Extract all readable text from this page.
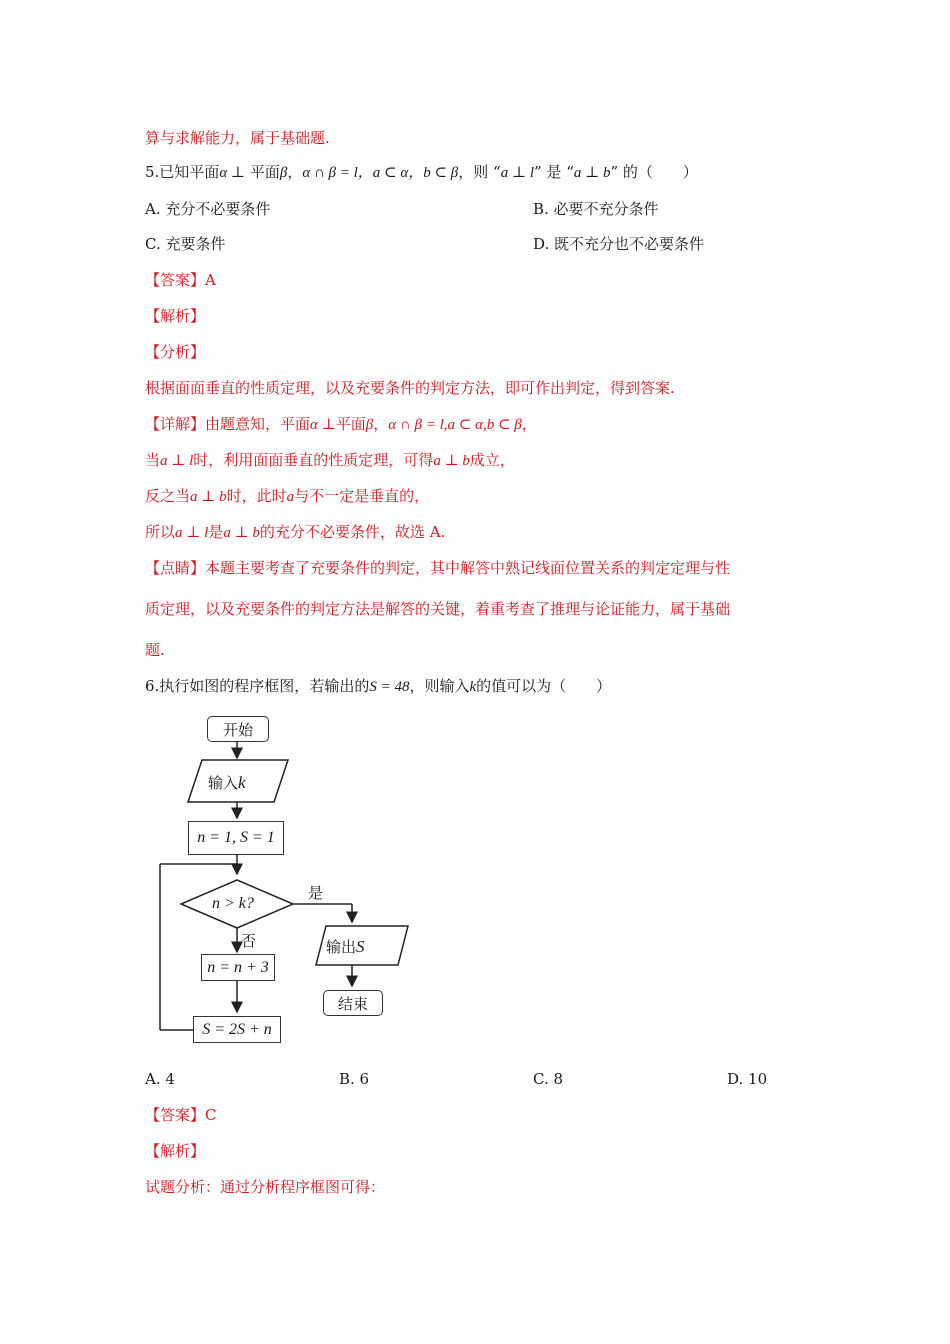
算与求解能力，属于基础题.
5.已知平面α ⊥ 平面β，α ∩ β = l，a ⊂ α，b ⊂ β，则 “a ⊥ l” 是 “a ⊥ b” 的（　　）
A. 充分不必要条件	B. 必要不充分条件
C. 充要条件	D. 既不充分也不必要条件
【答案】A
【解析】
【分析】
根据面面垂直的性质定理，以及充要条件的判定方法，即可作出判定，得到答案.
【详解】由题意知，平面α ⊥平面β，α ∩ β = l,a ⊂ α,b ⊂ β，
当a ⊥ l时，利用面面垂直的性质定理，可得a ⊥ b成立，
反之当a ⊥ b时，此时a与不一定是垂直的，
所以a ⊥ l是a ⊥ b的充分不必要条件，故选 A.
【点睛】本题主要考查了充要条件的判定，其中解答中熟记线面位置关系的判定定理与性
质定理，以及充要条件的判定方法是解答的关键，着重考查了推理与论证能力，属于基础
题.
6.执行如图的程序框图，若输出的S = 48，则输入k的值可以为（　　）
开始
输入k
n = 1, S = 1
n > k?
是
否
n = n + 3
S = 2S + n
输出S
结束
A. 4	B. 6	C. 8	D. 10
【答案】C
【解析】
试题分析：通过分析程序框图可得：
